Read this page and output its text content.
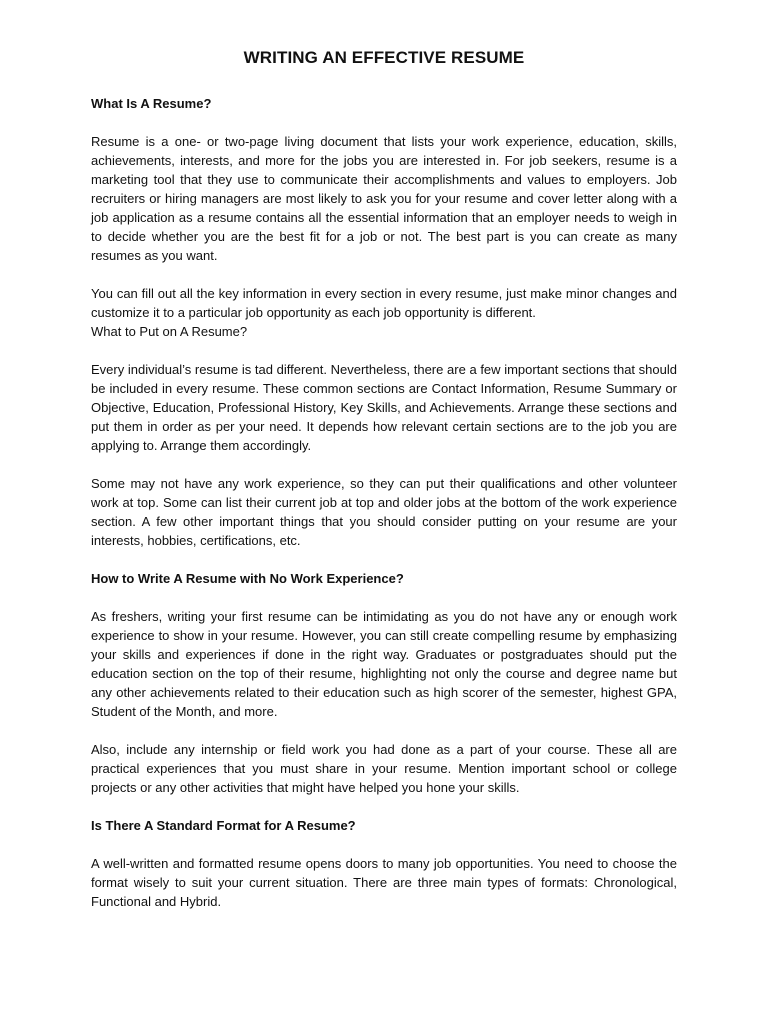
WRITING AN EFFECTIVE RESUME
What Is A Resume?

Resume is a one- or two-page living document that lists your work experience, education, skills, achievements, interests, and more for the jobs you are interested in. For job seekers, resume is a marketing tool that they use to communicate their accomplishments and values to employers. Job recruiters or hiring managers are most likely to ask you for your resume and cover letter along with a job application as a resume contains all the essential information that an employer needs to weigh in to decide whether you are the best fit for a job or not. The best part is you can create as many resumes as you want.

You can fill out all the key information in every section in every resume, just make minor changes and customize it to a particular job opportunity as each job opportunity is different.
What to Put on A Resume?

Every individual’s resume is tad different. Nevertheless, there are a few important sections that should be included in every resume. These common sections are Contact Information, Resume Summary or Objective, Education, Professional History, Key Skills, and Achievements. Arrange these sections and put them in order as per your need. It depends how relevant certain sections are to the job you are applying to. Arrange them accordingly.

Some may not have any work experience, so they can put their qualifications and other volunteer work at top. Some can list their current job at top and older jobs at the bottom of the work experience section. A few other important things that you should consider putting on your resume are your interests, hobbies, certifications, etc.

How to Write A Resume with No Work Experience?

As freshers, writing your first resume can be intimidating as you do not have any or enough work experience to show in your resume. However, you can still create compelling resume by emphasizing your skills and experiences if done in the right way. Graduates or postgraduates should put the education section on the top of their resume, highlighting not only the course and degree name but any other achievements related to their education such as high scorer of the semester, highest GPA, Student of the Month, and more.

Also, include any internship or field work you had done as a part of your course. These all are practical experiences that you must share in your resume. Mention important school or college projects or any other activities that might have helped you hone your skills.

Is There A Standard Format for A Resume?

A well-written and formatted resume opens doors to many job opportunities. You need to choose the format wisely to suit your current situation. There are three main types of formats: Chronological, Functional and Hybrid.
